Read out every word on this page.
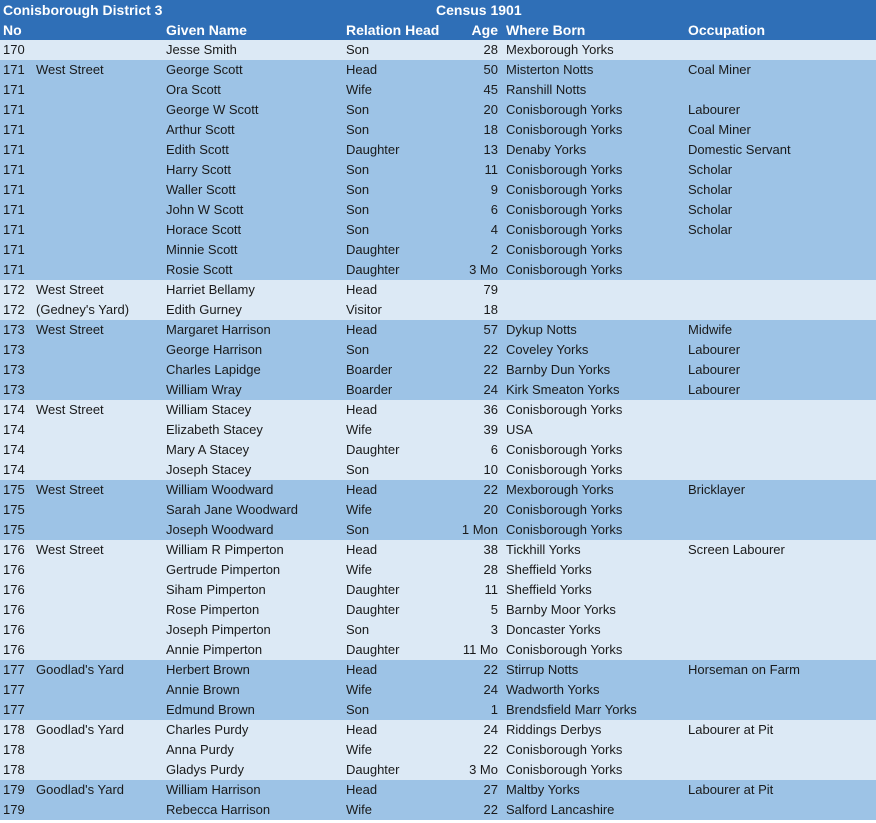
Conisborough District 3	Census 1901
No	Given Name	Relation Head	Age Where Born	Occupation
170	Jesse Smith	Son	28 Mexborough Yorks
171 West Street	George Scott	Head	50 Misterton Notts	Coal Miner
171	Ora Scott	Wife	45 Ranshill Notts
171	George W Scott	Son	20 Conisborough Yorks	Labourer
171	Arthur Scott	Son	18 Conisborough Yorks	Coal Miner
171	Edith Scott	Daughter	13 Denaby Yorks	Domestic Servant
171	Harry Scott	Son	11 Conisborough Yorks	Scholar
171	Waller Scott	Son	9 Conisborough Yorks	Scholar
171	John W Scott	Son	6 Conisborough Yorks	Scholar
171	Horace Scott	Son	4 Conisborough Yorks	Scholar
171	Minnie Scott	Daughter	2 Conisborough Yorks
171	Rosie Scott	Daughter	3 Mo Conisborough Yorks
172 West Street	Harriet Bellamy	Head	79
172 (Gedney's Yard)	Edith Gurney	Visitor	18
173 West Street	Margaret Harrison	Head	57 Dykup Notts	Midwife
173	George Harrison	Son	22 Coveley Yorks	Labourer
173	Charles Lapidge	Boarder	22 Barnby Dun Yorks	Labourer
173	William Wray	Boarder	24 Kirk Smeaton Yorks	Labourer
174 West Street	William Stacey	Head	36 Conisborough Yorks
174	Elizabeth Stacey	Wife	39 USA
174	Mary A Stacey	Daughter	6 Conisborough Yorks
174	Joseph Stacey	Son	10 Conisborough Yorks
175 West Street	William Woodward	Head	22 Mexborough Yorks	Bricklayer
175	Sarah Jane Woodward	Wife	20 Conisborough Yorks
175	Joseph Woodward	Son	1 Mon Conisborough Yorks
176 West Street	William R Pimperton	Head	38 Tickhill Yorks	Screen Labourer
176	Gertrude Pimperton	Wife	28 Sheffield Yorks
176	Siham Pimperton	Daughter	11 Sheffield Yorks
176	Rose Pimperton	Daughter	5 Barnby Moor Yorks
176	Joseph Pimperton	Son	3 Doncaster Yorks
176	Annie Pimperton	Daughter	11 Mo Conisborough Yorks
177 Goodlad's Yard	Herbert Brown	Head	22 Stirrup Notts	Horseman on Farm
177	Annie Brown	Wife	24 Wadworth Yorks
177	Edmund Brown	Son	1 Brendsfield Marr Yorks
178 Goodlad's Yard	Charles Purdy	Head	24 Riddings Derbys	Labourer at Pit
178	Anna Purdy	Wife	22 Conisborough Yorks
178	Gladys Purdy	Daughter	3 Mo Conisborough Yorks
179 Goodlad's Yard	William Harrison	Head	27 Maltby Yorks	Labourer at Pit
179	Rebecca Harrison	Wife	22 Salford Lancashire
